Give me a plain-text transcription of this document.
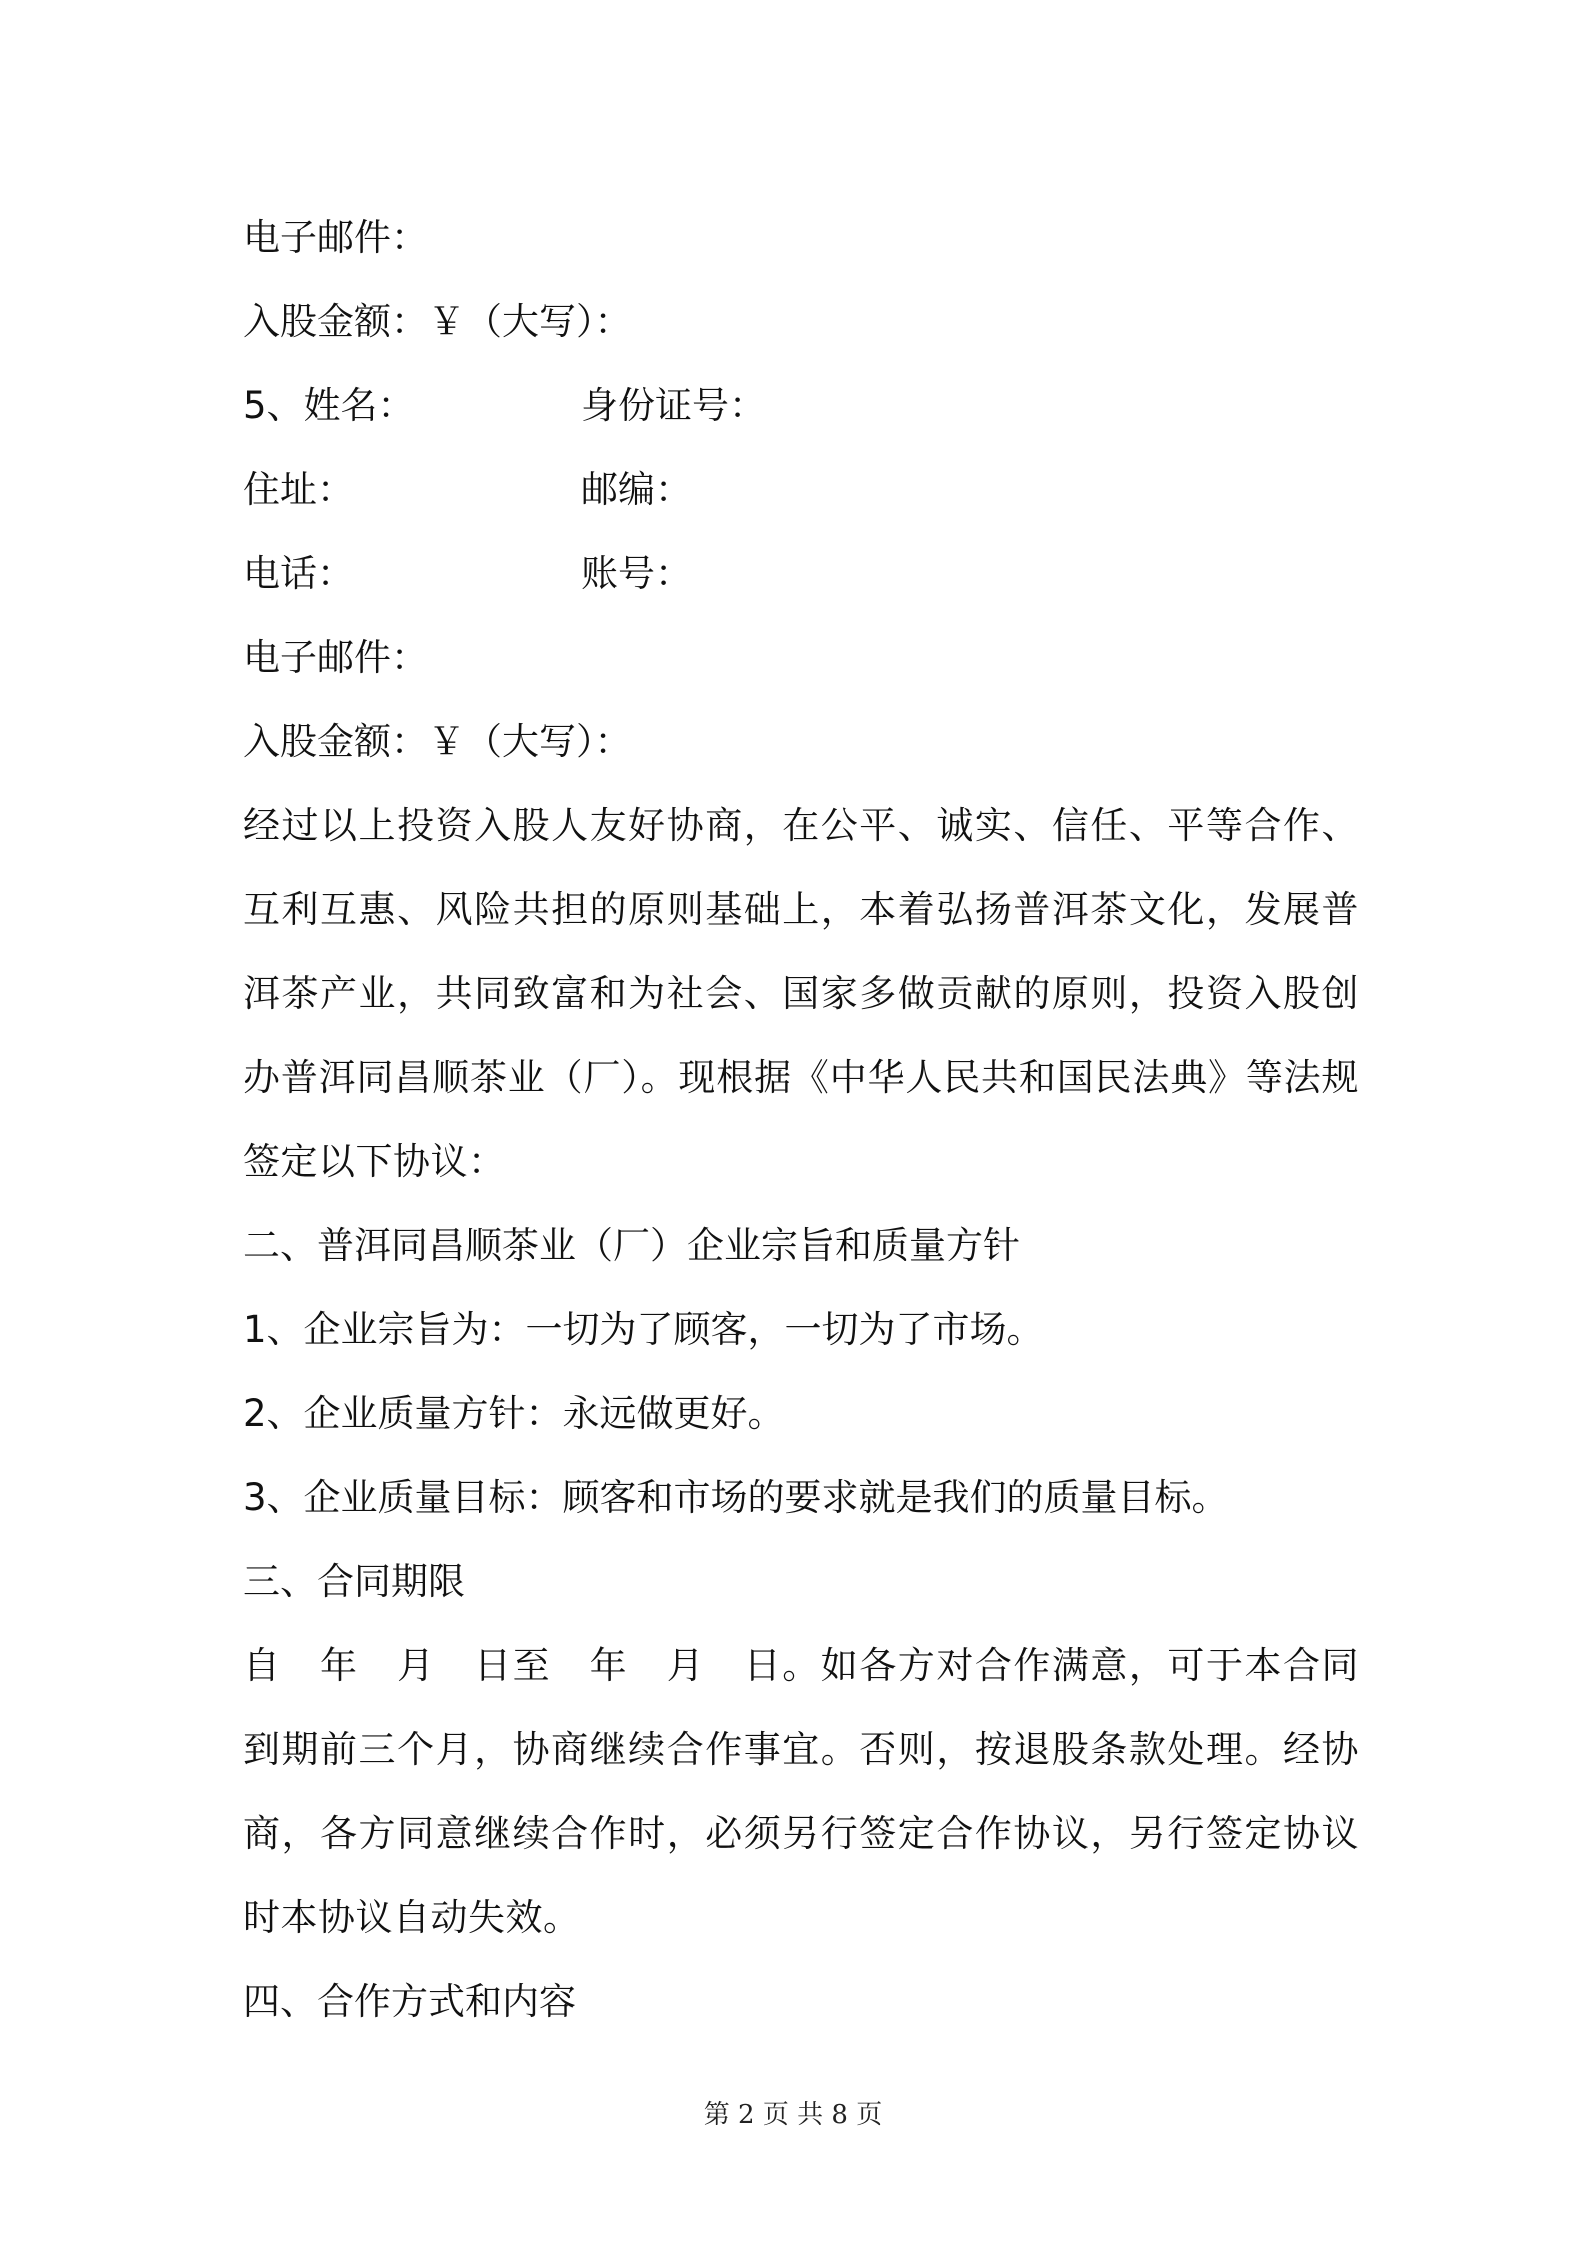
电子邮件：
入股金额：￥（大写）：
5、姓名：	身份证号：
住址：	邮编：
电话：	账号：
电子邮件：
入股金额：￥（大写）：

经过以上投资入股人友好协商，在公平、诚实、信任、平等合作、互利互惠、风险共担的原则基础上，本着弘扬普洱茶文化，发展普洱茶产业，共同致富和为社会、国家多做贡献的原则，投资入股创办普洱同昌顺茶业（厂）。现根据《中华人民共和国民法典》等法规签定以下协议：

二、普洱同昌顺茶业（厂）企业宗旨和质量方针
1、企业宗旨为：一切为了顾客，一切为了市场。
2、企业质量方针：永远做更好。
3、企业质量目标：顾客和市场的要求就是我们的质量目标。
三、合同期限

自　年　月　日至　年　月　日。如各方对合作满意，可于本合同到期前三个月，协商继续合作事宜。否则，按退股条款处理。经协商，各方同意继续合作时，必须另行签定合作协议，另行签定协议时本协议自动失效。

四、合作方式和内容
第 2 页 共 8 页
